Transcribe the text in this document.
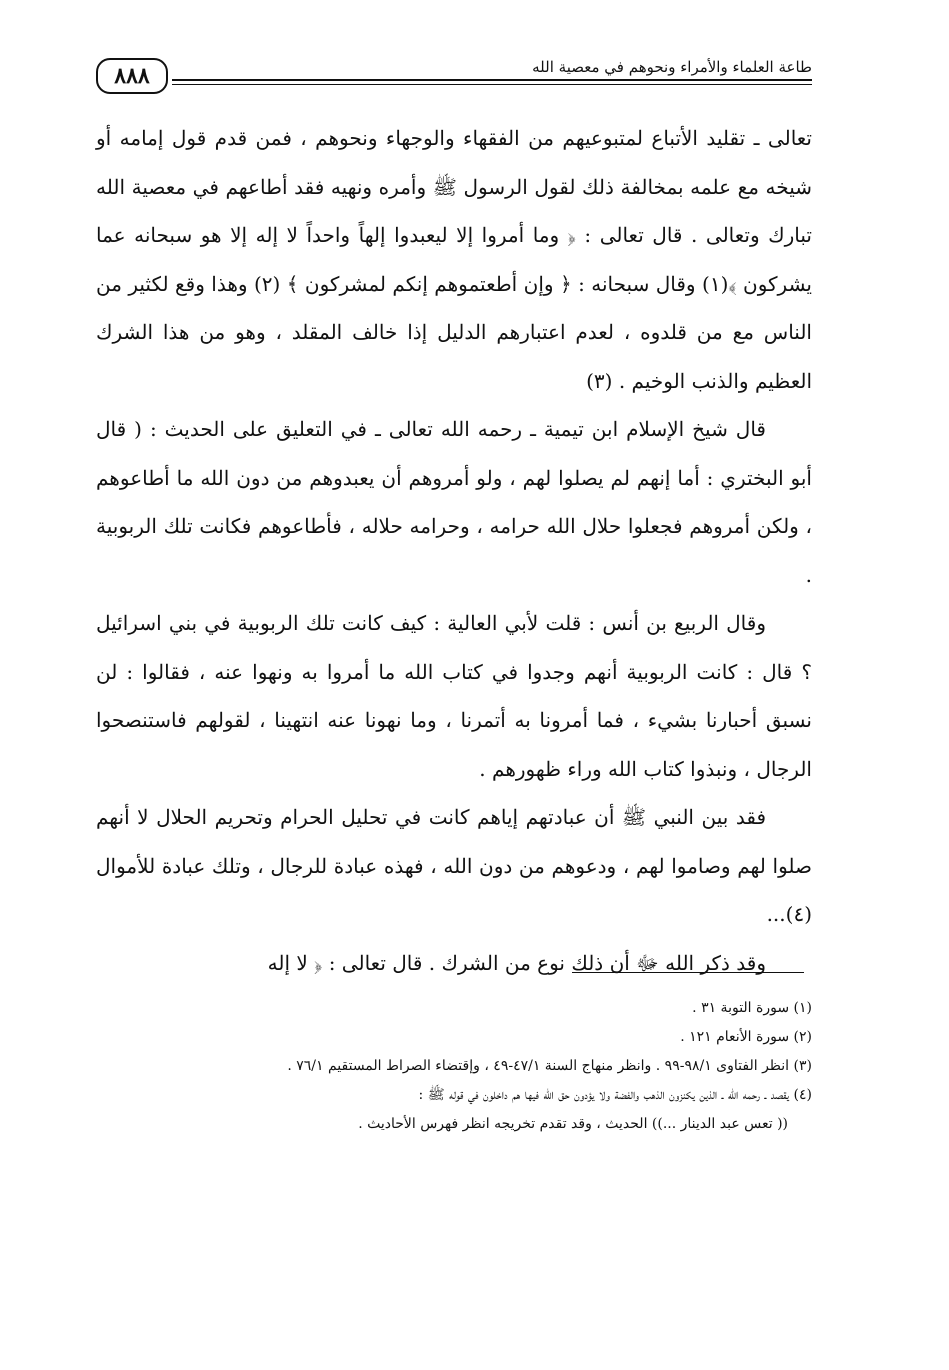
٨٨٨	طاعة العلماء والأمراء ونحوهم في معصية الله

تعالى ـ تقليد الأتباع لمتبوعيهم من الفقهاء والوجهاء ونحوهم ، فمن قدم قول إمامه أو شيخه مع علمه بمخالفة ذلك لقول الرسول ﷺ وأمره ونهيه فقد أطاعهم في معصية الله تبارك وتعالى . قال تعالى : ﴿ وما أمروا إلا ليعبدوا إلهاً واحداً لا إله إلا هو سبحانه عما يشركون ﴾(١) وقال سبحانه : ﴿ وإن أطعتموهم إنكم لمشركون ﴾ (٢) وهذا وقع لكثير من الناس مع من قلدوه ، لعدم اعتبارهم الدليل إذا خالف المقلد ، وهو من هذا الشرك العظيم والذنب الوخيم . (٣)

قال شيخ الإسلام ابن تيمية ـ رحمه الله تعالى ـ في التعليق على الحديث : ( قال أبو البختري : أما إنهم لم يصلوا لهم ، ولو أمروهم أن يعبدوهم من دون الله ما أطاعوهم ، ولكن أمروهم فجعلوا حلال الله حرامه ، وحرامه حلاله ، فأطاعوهم فكانت تلك الربوبية .

وقال الربيع بن أنس : قلت لأبي العالية : كيف كانت تلك الربوبية في بني اسرائيل ؟ قال : كانت الربوبية أنهم وجدوا في كتاب الله ما أمروا به ونهوا عنه ، فقالوا : لن نسبق أحبارنا بشيء ، فما أمرونا به أتمرنا ، وما نهونا عنه انتهينا ، لقولهم فاستنصحوا الرجال ، ونبذوا كتاب الله وراء ظهورهم .

فقد بين النبي ﷺ أن عبادتهم إياهم كانت في تحليل الحرام وتحريم الحلال لا أنهم صلوا لهم وصاموا لهم ، ودعوهم من دون الله ، فهذه عبادة للرجال ، وتلك عبادة للأموال (٤)...

وقد ذكر الله ﷻ أن ذلك نوع من الشرك . قال تعالى : ﴿ لا إله

(١) سورة التوبة ٣١ .

(٢) سورة الأنعام ١٢١ .

(٣) انظر الفتاوى ٩٨/١-٩٩ . وانظر منهاج السنة ٤٧/١-٤٩ ، وإقتضاء الصراط المستقيم ٧٦/١ .

(٤) يقصد ـ رحمه الله ـ الذين يكنزون الذهب والفضة ولا يؤدون حق الله فيها هم داخلون في قوله ﷺ :

(( تعس عبد الدينار ...)) الحديث ، وقد تقدم تخريجه انظر فهرس الأحاديث .
